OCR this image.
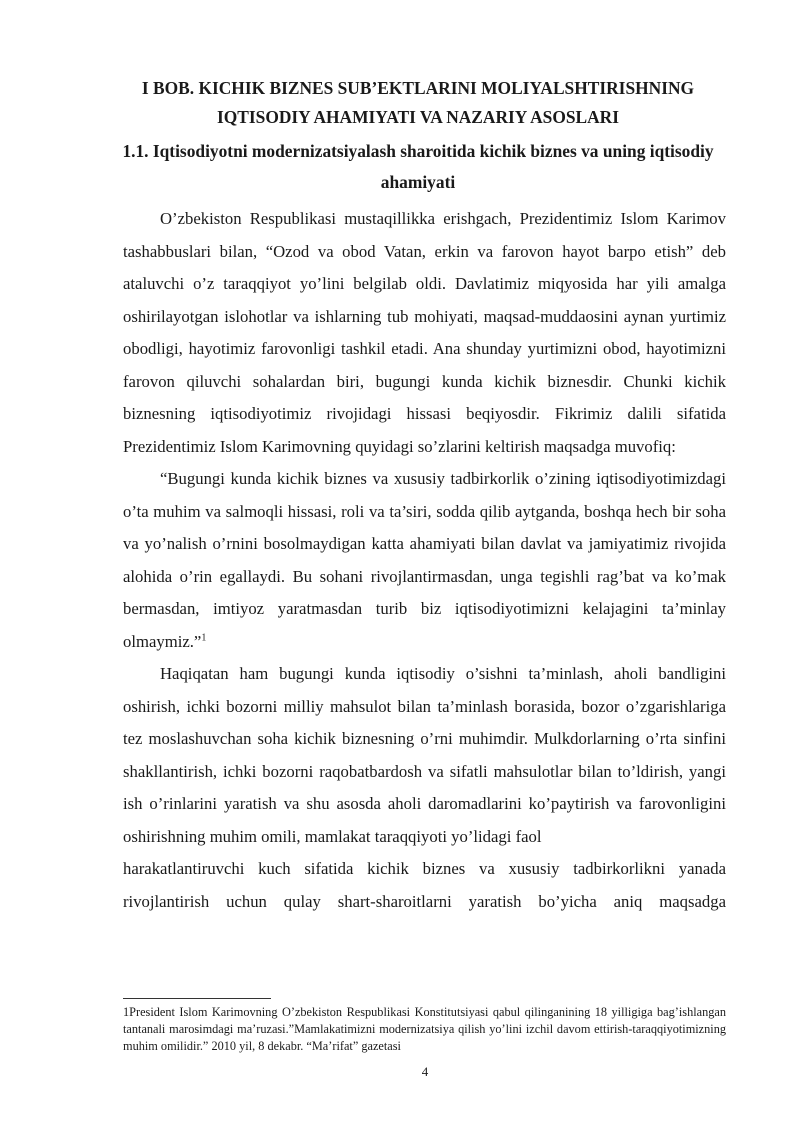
I BOB. KICHIK BIZNES SUB’EKTLARINI MOLIYALSHTIRISHNING

IQTISODIY AHAMIYATI VA NAZARIY ASOSLARI

1.1. Iqtisodiyotni modernizatsiyalash sharoitida kichik biznes va uning iqtisodiy ahamiyati

O’zbekiston Respublikasi mustaqillikka erishgach, Prezidentimiz Islom Karimov tashabbuslari bilan, “Ozod va obod Vatan, erkin va farovon hayot barpo etish” deb ataluvchi o’z taraqqiyot yo’lini belgilab oldi. Davlatimiz miqyosida har yili amalga oshirilayotgan islohotlar va ishlarning tub mohiyati, maqsad-muddaosini aynan yurtimiz obodligi, hayotimiz farovonligi tashkil etadi. Ana shunday yurtimizni obod, hayotimizni farovon qiluvchi sohalardan biri, bugungi kunda kichik biznesdir. Chunki kichik biznesning iqtisodiyotimiz rivojidagi hissasi beqiyosdir. Fikrimiz dalili sifatida Prezidentimiz Islom Karimovning quyidagi so’zlarini keltirish maqsadga muvofiq:

“Bugungi kunda kichik biznes va xususiy tadbirkorlik o’zining iqtisodiyotimizdagi o’ta muhim va salmoqli hissasi, roli va ta’siri, sodda qilib aytganda, boshqa hech bir soha va yo’nalish o’rnini bosolmaydigan katta ahamiyati bilan davlat va jamiyatimiz rivojida alohida o’rin egallaydi. Bu sohani rivojlantirmasdan, unga tegishli rag’bat va ko’mak bermasdan, imtiyoz yaratmasdan turib biz iqtisodiyotimizni kelajagini ta’minlay olmaymiz.”$^1$

Haqiqatan ham bugungi kunda iqtisodiy o’sishni ta’minlash, aholi bandligini oshirish, ichki bozorni milliy mahsulot bilan ta’minlash borasida, bozor o’zgarishlariga tez moslashuvchan soha kichik biznesning o’rni muhimdir. Mulkdorlarning o’rta sinfini shakllantirish, ichki bozorni raqobatbardosh va sifatli mahsulotlar bilan to’ldirish, yangi ish o’rinlarini yaratish va shu asosda aholi daromadlarini ko’paytirish va farovonligini oshirishning muhim omili, mamlakat taraqqiyoti yo’lidagi faol

harakatlantiruvchi kuch sifatida kichik biznes va xususiy tadbirkorlikni yanada rivojlantirish uchun qulay shart-sharoitlarni yaratish bo’yicha aniq maqsadga

1President Islom Karimovning O’zbekiston Respublikasi Konstitutsiyasi qabul qilinganining 18 yilligiga bag’ishlangan tantanali marosimdagi ma’ruzasi.”Mamlakatimizni modernizatsiya qilish yo’lini izchil davom ettirish-taraqqiyotimizning muhim omilidir.” 2010 yil, 8 dekabr. “Ma’rifat” gazetasi

4
